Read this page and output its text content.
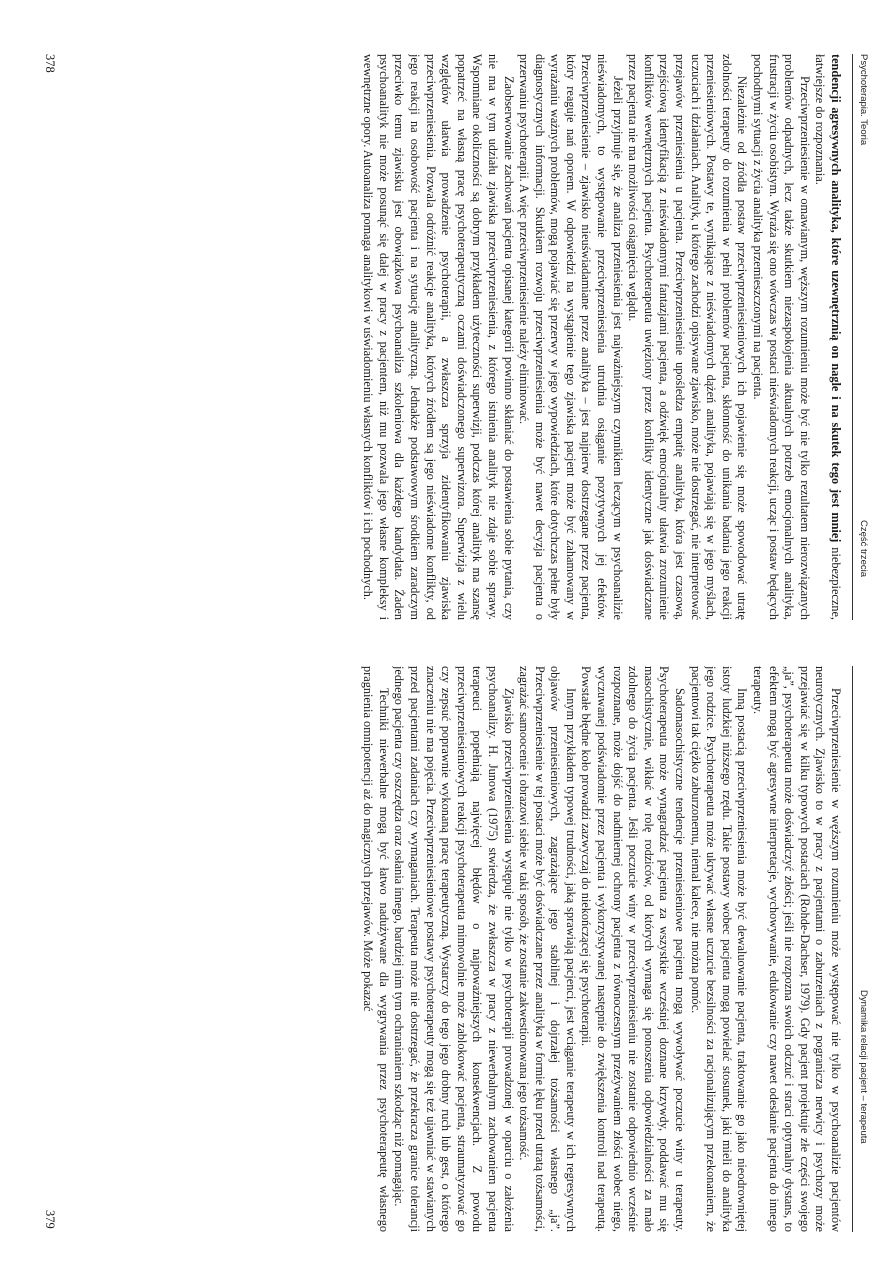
Psychoterapia. Teoria
Część trzecia

tendencji agresywnych analityka, które uzewnętrznią on nagle i na skutek tego jest mniej niebezpieczne, łatwiejsze do rozpoznania.

Przeciwprzeniesienie w omawianym, węższym rozumieniu może być nie tylko rezultatem nierozwiązanych problemów odpadnych, lecz także skutkiem niezaspokojenia aktualnych potrzeb emocjonalnych analityka, frustracji w życiu osobistym. Wyraża się ono wówczas w postaci nieświadomych reakcji, ucząc i postaw będących pochodnymi sytuacji z życia analityka przemieszczonymi na pacjenta.

Niezależnie od źródła postaw przeciwprzeniesieniowych ich pojawienie się może spowodować utratę zdolności terapeuty do rozumienia w pełni problemów pacjenta, skłonność do unikania badania jego reakcji przeniesieniowych. Postawy te, wynikające z nieświadomych dążeń analityka, pojawiają się w jego myślach, uczuciach i działaniach. Analityk, u którego zachodzi opisywane zjawisko, może nie dostrzegać, nie interpretować przejawów przeniesienia u pacjenta. Przeciwprzeniesienie upośledza empatię analityka, która jest czasową, przejściową identyfikacją z nieświadomymi fantazjami pacjenta, a odźwięk emocjonalny ułatwia zrozumienie konfliktów wewnętrznych pacjenta. Psychoterapeuta uwięziony przez konflikty identyczne jak doświadczane przez pacjenta nie ma możliwości osiągnięcia wglądu.

Jeżeli przyjmuje się, że analiza przeniesienia jest najważniejszym czynnikiem leczącym w psychoanalizie nieświadomych, to występowanie przeciwprzeniesienia utrudnia osiąganie pozytywnych jej efektów. Przeciwprzeniesienie – zjawisko nieuświadamiane przez analityka – jest najpierw dostrzegane przez pacjenta, który reaguje nań oporem. W odpowiedzi na wystąpienie tego zjawiska pacjent może być zahamowany w wyrażaniu ważnych problemów, mogą pojawiać się przerwy w jego wypowiedziach, które dotychczas pełne były diagnostycznych informacji. Skutkiem rozwoju przeciwprzeniesienia może być nawet decyzja pacjenta o przerwaniu psychoterapii. A więc przeciwprzeniesienie należy eliminować.

Zaobserwowanie zachowań pacjenta opisanej kategorii powinno skłaniać do postawienia sobie pytania, czy nie ma w tym udziału zjawiska przeciwprzeniesienia, z którego istnienia analityk nie zdaje sobie sprawy. Wspomniane okoliczności są dobrym przykładem użyteczności superwizji, podczas której analityk ma szansę popatrzeć na własną pracę psychoterapeutyczną oczami doświadczonego superwizora. Superwizja z wielu względów ułatwia prowadzenie psychoterapii, a zwłaszcza sprzyja zidentyfikowaniu zjawiska przeciwprzeniesienia. Pozwala odróżnić reakcje analityka, których źródłem są jego nieświadome konflikty, od jego reakcji na osobowość pacjenta i na sytuację analityczną. Jednakże podstawowym środkiem zaradczym przeciwko temu zjawisku jest obowiązkowa psychoanaliza szkoleniowa dla każdego kandydata. Żaden psychoanalityk nie może posunąć się dalej w pracy z pacjentem, niż mu pozwala jego własne kompleksy i wewnętrzne opory. Autoanaliza pomaga analitykowi w uświadomieniu własnych konfliktów i ich pochodnych.

378
Dynamika relacji pacjent – terapeuta

Przeciwprzeniesienie w węższym rozumieniu może występować nie tylko w psychoanalizie pacjentów neurotycznych. Zjawisko to w pracy z pacjentami o zaburzeniach z pogranicza nerwicy i psychozy może przejawiać się w kilku typowych postaciach (Rohde-Dachser, 1979). Gdy pacjent projektuje złe części swojego „ja”, psychoterapeuta może doświadczyć złości; jeśli nie rozpozna swoich odczuć i straci optymalny dystans, to efektem mogą być agresywne interpretacje, wychowywanie, edukowanie czy nawet odesłanie pacjenta do innego terapeuty.

Inną postacią przeciwprzeniesienia może być dewaluowanie pacjenta, traktowanie go jako nieodrowniętej istoty ludzkiej niższego rzędu. Takie postawy wobec pacjenta mogą powielać stosunek, jaki mieli do analityka jego rodzice. Psychoterapeuta może ukrywać własne uczucie bezsilności za racjonalizującym przekonaniem, że pacjentowi tak ciężko zaburzonemu, niemal kalece, nie można pomóc.

Sadomasochistyczne tendencje przeniesieniowe pacjenta mogą wywoływać poczucie winy u terapeuty. Psychoterapeuta może wynagradzać pacjenta za wszystkie wcześniej doznane krzywdy, poddawać mu się masochistycznie, wikłać w rolę rodziców, od których wymaga się ponoszenia odpowiedzialności za mało zdolnego do życia pacjenta. Jeśli poczucie winy w przeciwprzeniesieniu nie zostanie odpowiednio wcześnie rozpoznane, może dojść do nadmiernej ochrony pacjenta z równoczesnym przeżywaniem złości wobec niego, wyczuwanej podświadomie przez pacjenta i wykorzystywanej następnie do zwiększenia kontroli nad terapeutą. Powstałe błędne koło prowadzi zazwyczaj do niekończącej się psychoterapii.

Innym przykładem typowej trudności, jaką sprawiają pacjenci, jest wciąganie terapeuty w ich regresywnych objawów przeniesieniowych, zagrażające jego stabilnej i dojrzałej tożsamości własnego „ja”. Przeciwprzeniesienie w tej postaci może być doświadczane przez analityka w formie lęku przed utratą tożsamości, zagrażać samoocenie i obrazowi siebie w taki sposób, że zostanie zakwestionowana jego tożsamość.

Zjawisko przeciwprzeniesienia występuje nie tylko w psychoterapii prowadzonej w oparciu o założenia psychoanalizy. H. Junowa (1975) stwierdza, że zwłaszcza w pracy z niewerbalnym zachowaniem pacjenta terapeuci popełniają najwięcej błędów o najpoważniejszych konsekwencjach. Z powodu przeciwprzeniesieniowych reakcji psychoterapeuta mimowolnie może zablokować pacjenta, straumatyzować go czy zepsuć poprawnie wykonaną pracę terapeutyczną. Wystarczy do tego jego drobny ruch lub gest, o którego znaczeniu nie ma pojęcia. Przeciwprzeniesieniowe postawy psychoterapeuty mogą się też ujawniać w stawianych przed pacjentami zadaniach czy wymaganiach. Terapeuta może nie dostrzegać, że przekracza granice tolerancji jednego pacjenta czy oszczędza oraz osłania innego, bardziej nim tym ochranianiem szkodząc niż pomagając.

Techniki niewerbalne mogą być łatwo nadużywane dla wygrywania przez psychoterapeutę własnego pragnienia omnipotencji aż do magicznych przejawów. Może pokazać

379
